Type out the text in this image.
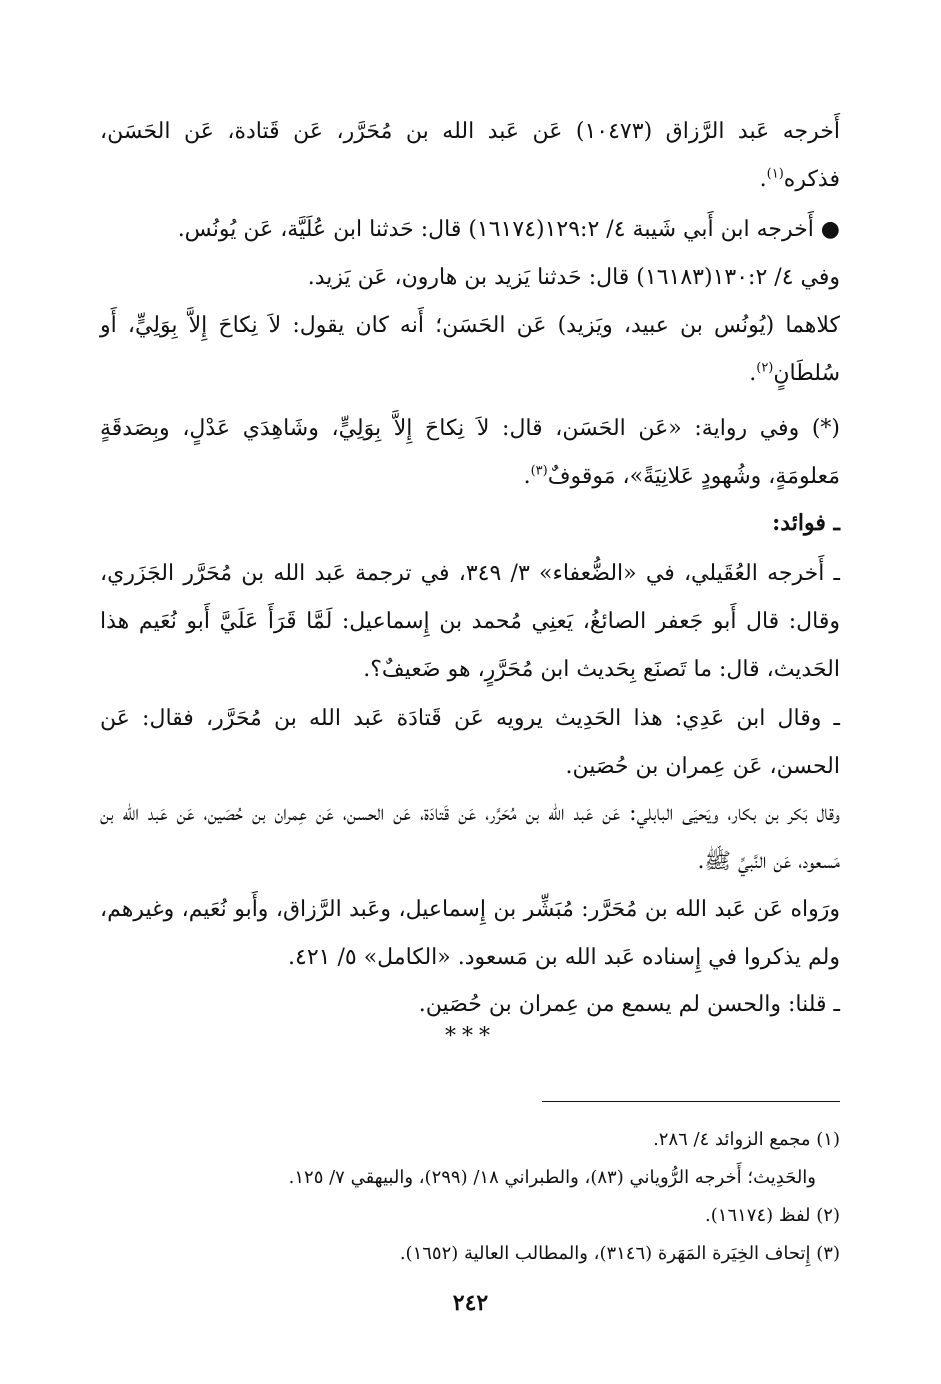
أَخرجه عَبد الرَّزاق (١٠٤٧٣) عَن عَبد الله بن مُحَرَّر، عَن قَتادة، عَن الحَسَن، فذكره$^{(١)}$.

● أَخرجه ابن أَبي شَيبة ٤/ ١٢٩:٢(١٦١٧٤) قال: حَدثنا ابن عُلَيَّة، عَن يُونُس.

وفي ٤/ ١٣٠:٢(١٦١٨٣) قال: حَدثنا يَزيد بن هارون، عَن يَزيد.

كلاهما (يُونُس بن عبيد، ويَزيد) عَن الحَسَن؛ أَنه كان يقول: لاَ نِكاحَ إِلاَّ بِوَلِيٍّ، أَو سُلطَانٍ$^{(٢)}$.

(*) وفي رواية: «عَن الحَسَن، قال: لاَ نِكاحَ إِلاَّ بِوَلِيٍّ، وشَاهِدَي عَدْلٍ، وبِصَدقَةٍ مَعلومَةٍ، وشُهودٍ عَلانِيَةً»، مَوقوفٌ$^{(٣)}$.

ـ فوائد:

ـ أَخرجه العُقَيلي، في «الضُّعفاء» ٣/ ٣٤٩، في ترجمة عَبد الله بن مُحَرَّر الجَزَري، وقال: قال أَبو جَعفر الصائغُ، يَعنِي مُحمد بن إِسماعيل: لَمَّا قَرَأَ عَلَيَّ أَبو نُعَيم هذا الحَديث، قال: ما تَصنَع بِحَديث ابن مُحَرَّرٍ، هو ضَعيفٌ؟.

ـ وقال ابن عَدِي: هذا الحَدِيث يرويه عَن قَتادَة عَبد الله بن مُحَرَّر، فقال: عَن الحسن، عَن عِمران بن حُصَين.

وقال بَكر بن بكار، ويَحيَى البابلي: عَن عَبد الله بن مُحَرَّر، عَن قَتادَة، عَن الحسن، عَن عِمران بن حُصَين، عَن عَبد الله بن مَسعود، عَن النَّبيِّ ﷺ.

ورَواه عَن عَبد الله بن مُحَرَّر: مُبَشِّر بن إِسماعيل، وعَبد الرَّزاق، وأَبو نُعَيم، وغيرهم، ولم يذكروا في إِسناده عَبد الله بن مَسعود. «الكامل» ٥/ ٤٢١.

ـ قلنا: والحسن لم يسمع من عِمران بن حُصَين.

***

(١) مجمع الزوائد ٤/ ٢٨٦.

والحَدِيث؛ أَخرجه الرُّوياني (٨٣)، والطبراني ١٨/ (٢٩٩)، والبيهقي ٧/ ١٢٥.

(٢) لفظ (١٦١٧٤).

(٣) إِتحاف الخِيَرة المَهَرة (٣١٤٦)، والمطالب العالية (١٦٥٢).

٢٤٢
